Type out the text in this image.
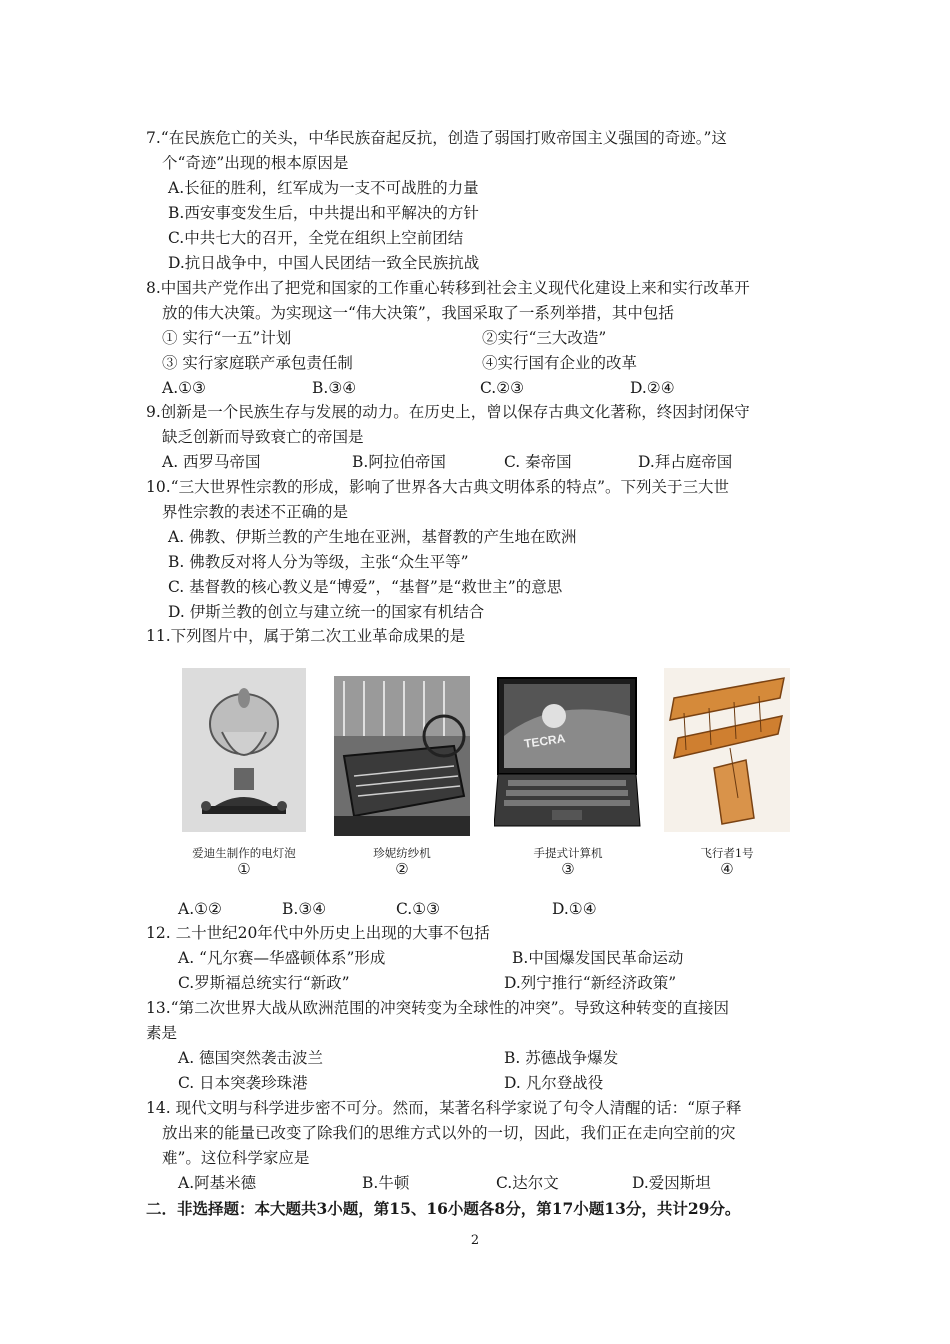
7.“在民族危亡的关头，中华民族奋起反抗，创造了弱国打败帝国主义强国的奇迹。”这
个“奇迹”出现的根本原因是
A.长征的胜利，红军成为一支不可战胜的力量
B.西安事变发生后，中共提出和平解决的方针
C.中共七大的召开，全党在组织上空前团结
D.抗日战争中，中国人民团结一致全民族抗战
8.中国共产党作出了把党和国家的工作重心转移到社会主义现代化建设上来和实行改革开
放的伟大决策。为实现这一“伟大决策”，我国采取了一系列举措，其中包括
① 实行“一五”计划	②实行“三大改造”
③ 实行家庭联产承包责任制	④实行国有企业的改革
A.①③	B.③④	C.②③	D.②④
9.创新是一个民族生存与发展的动力。在历史上，曾以保存古典文化著称，终因封闭保守
缺乏创新而导致衰亡的帝国是
A. 西罗马帝国	B.阿拉伯帝国	C. 秦帝国	D.拜占庭帝国
10.“三大世界性宗教的形成，影响了世界各大古典文明体系的特点”。下列关于三大世
界性宗教的表述不正确的是
A. 佛教、伊斯兰教的产生地在亚洲，基督教的产生地在欧洲
B. 佛教反对将人分为等级，主张“众生平等”
C. 基督教的核心教义是“博爱”，“基督”是“救世主”的意思
D. 伊斯兰教的创立与建立统一的国家有机结合
11.下列图片中，属于第二次工业革命成果的是
爱迪生制作的电灯泡
①
珍妮纺纱机
②
TECRA
手提式计算机
③
飞行者1号
④
A.①②	B.③④	C.①③	D.①④
12. 二十世纪20年代中外历史上出现的大事不包括
A. “凡尔赛—华盛顿体系”形成	B.中国爆发国民革命运动
C.罗斯福总统实行“新政”	D.列宁推行“新经济政策”
13.“第二次世界大战从欧洲范围的冲突转变为全球性的冲突”。导致这种转变的直接因
素是
A. 德国突然袭击波兰	B. 苏德战争爆发
C. 日本突袭珍珠港	D. 凡尔登战役
14. 现代文明与科学进步密不可分。然而，某著名科学家说了句令人清醒的话：“原子释
放出来的能量已改变了除我们的思维方式以外的一切，因此，我们正在走向空前的灾
难”。这位科学家应是
A.阿基米德	B.牛顿	C.达尔文	D.爱因斯坦
二．非选择题：本大题共3小题，第15、16小题各8分，第17小题13分，共计29分。
2
